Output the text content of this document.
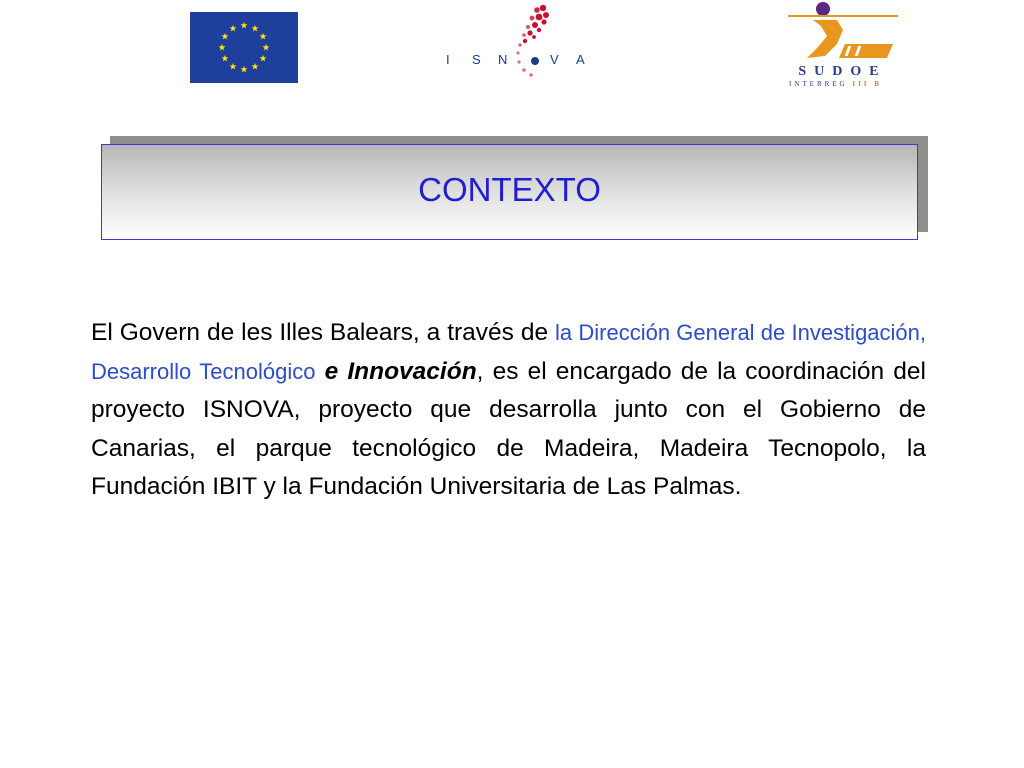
I S N	V A
SUDOE
INTERREG III B
CONTEXTO

El Govern de les Illes Balears, a través de la Dirección General de Investigación, Desarrollo Tecnológico e Innovación, es el encargado de la coordinación del proyecto ISNOVA, proyecto que desarrolla junto con el Gobierno de Canarias, el parque tecnológico de Madeira, Madeira Tecnopolo, la Fundación IBIT y la Fundación Universitaria de Las Palmas.
